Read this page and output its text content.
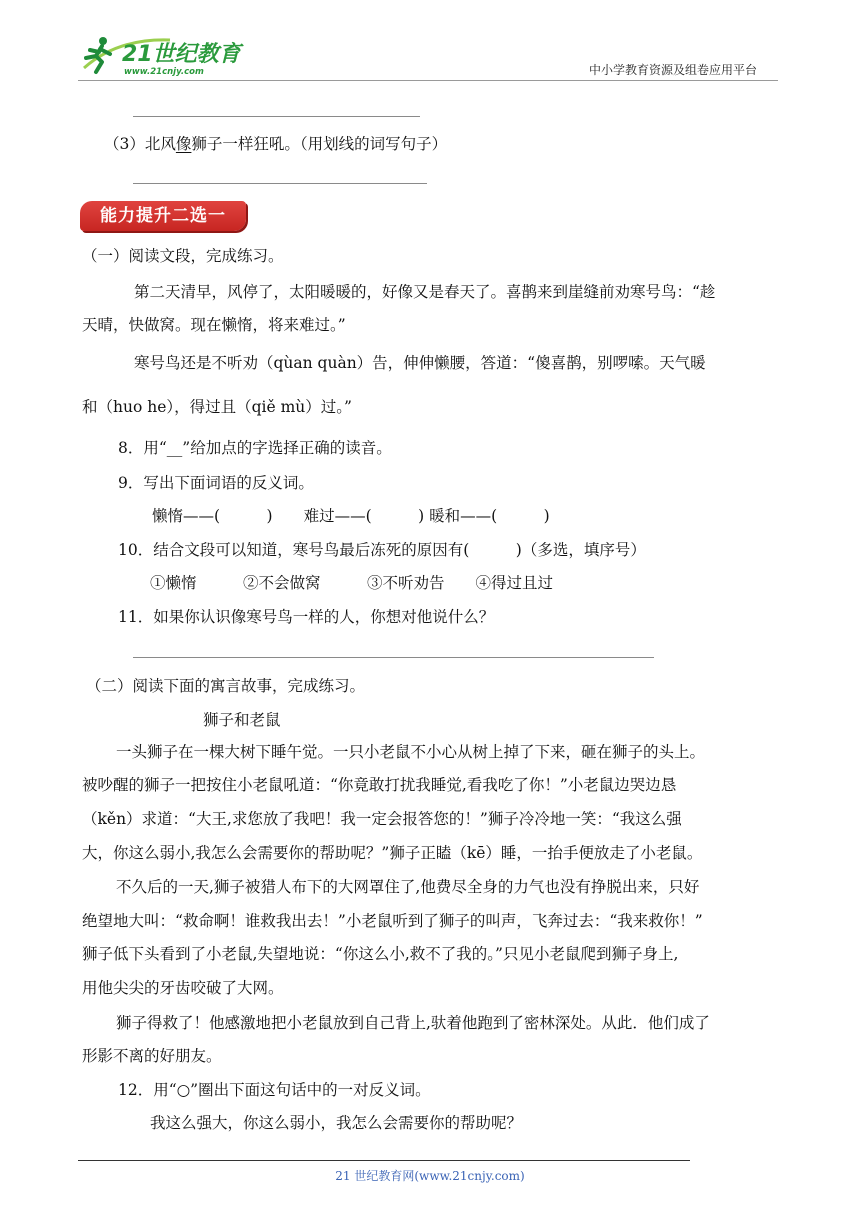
21世纪教育
www.21cnjy.com	中小学教育资源及组卷应用平台
（3）北风像狮子一样狂吼。（用划线的词写句子）
能力提升二选一
（一）阅读文段，完成练习。
第二天清早，风停了，太阳暖暖的，好像又是春天了。喜鹊来到崖缝前劝寒号鸟：“趁
天晴，快做窝。现在懒惰，将来难过。”
寒号鸟还是不听劝（qùan quàn）告，伸伸懒腰，答道：“傻喜鹊，别啰嗦。天气暖
和（huo he），得过且（qiě mù）过。”
8．用“__”给加点的字选择正确的读音。
9．写出下面词语的反义词。
懒惰——(　　　)　　难过——(　　　) 暖和——(　　　)
10．结合文段可以知道，寒号鸟最后冻死的原因有(　　　)（多选，填序号）
①懒惰　　　②不会做窝　　　③不听劝告　　④得过且过
11．如果你认识像寒号鸟一样的人，你想对他说什么？
（二）阅读下面的寓言故事，完成练习。
狮子和老鼠
一头狮子在一棵大树下睡午觉。一只小老鼠不小心从树上掉了下来，砸在狮子的头上。
被吵醒的狮子一把按住小老鼠吼道：“你竟敢打扰我睡觉,看我吃了你！”小老鼠边哭边恳
（kěn）求道：“大王,求您放了我吧！我一定会报答您的！”狮子冷冷地一笑：“我这么强
大，你这么弱小,我怎么会需要你的帮助呢？”狮子正瞌（kē）睡，一抬手便放走了小老鼠。
不久后的一天,狮子被猎人布下的大网罩住了,他费尽全身的力气也没有挣脱出来，只好
绝望地大叫：“救命啊！谁救我出去！”小老鼠听到了狮子的叫声，飞奔过去：“我来救你！”
狮子低下头看到了小老鼠,失望地说：“你这么小,救不了我的。”只见小老鼠爬到狮子身上,
用他尖尖的牙齿咬破了大网。
狮子得救了！他感激地把小老鼠放到自己背上,驮着他跑到了密林深处。从此．他们成了
形影不离的好朋友。
12．用“○”圈出下面这句话中的一对反义词。
我这么强大，你这么弱小，我怎么会需要你的帮助呢？
21 世纪教育网(www.21cnjy.com)
